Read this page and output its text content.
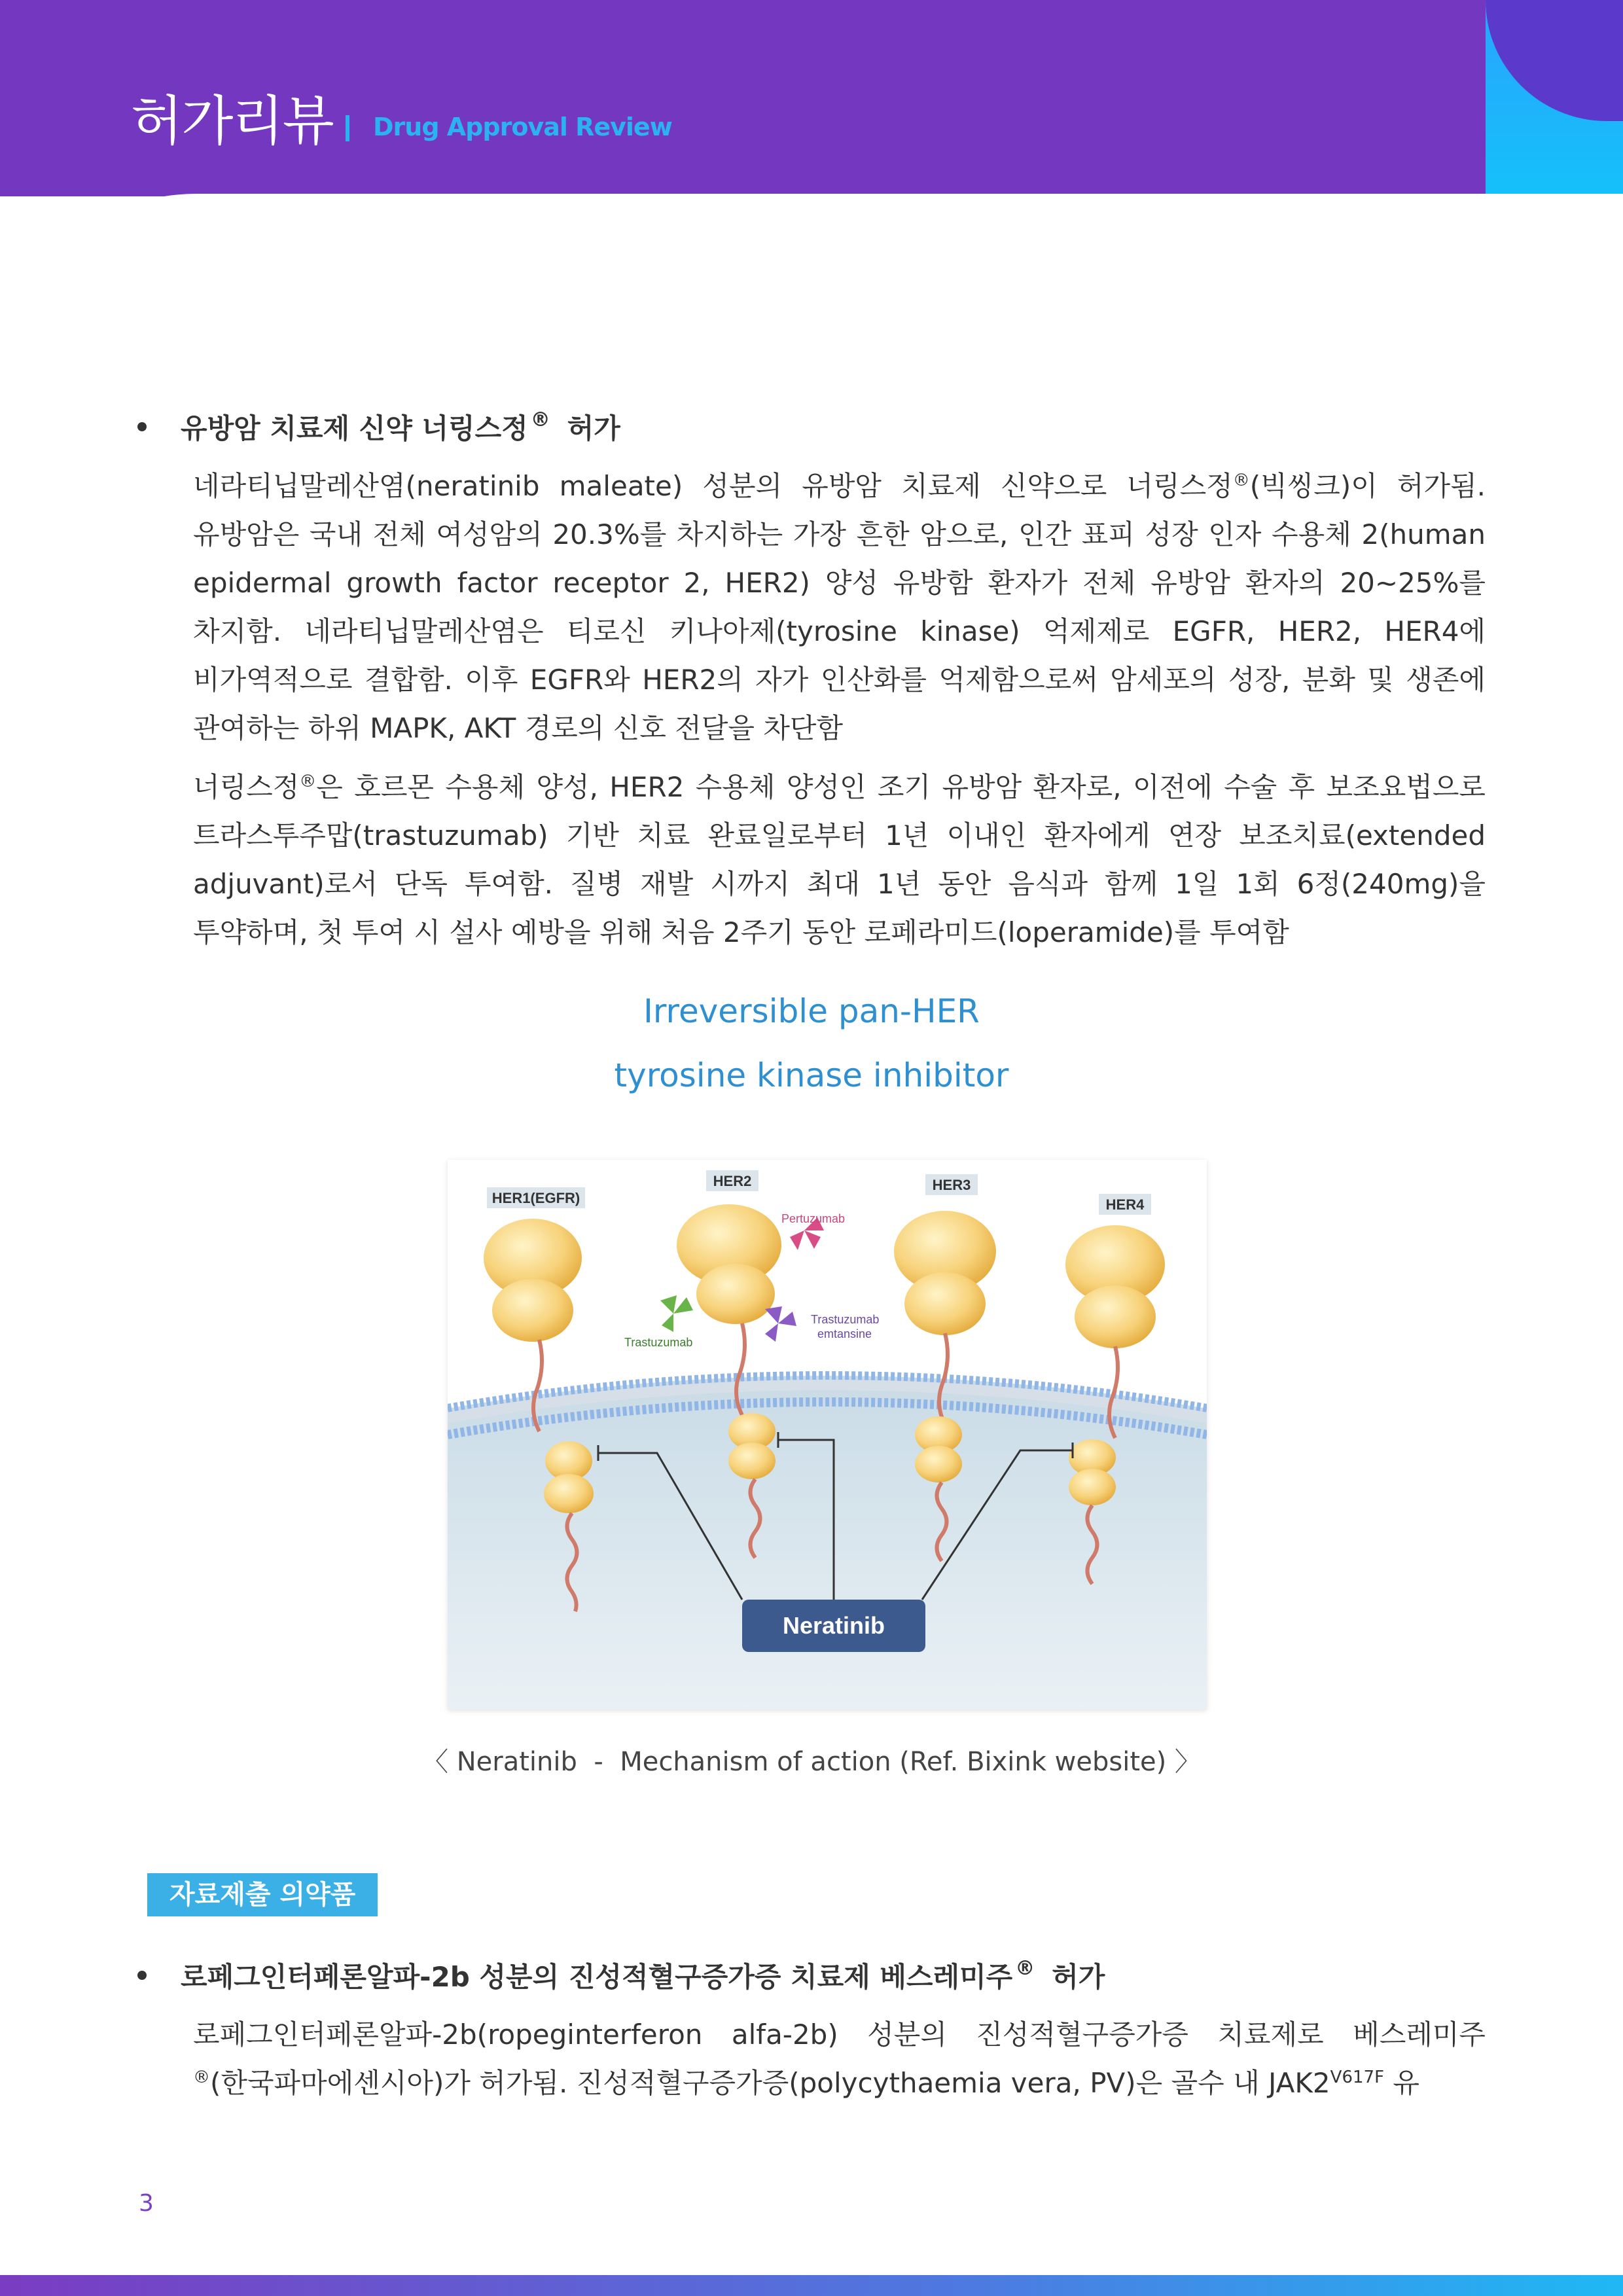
허가리뷰 Drug Approval Review
유방암 치료제 신약 너링스정 ® 허가
네라티닙말레산염(neratinib maleate) 성분의 유방암 치료제 신약으로 너링스정®(빅씽크)이 허가됨. 유방암은 국내 전체 여성암의 20.3%를 차지하는 가장 흔한 암으로, 인간 표피 성장 인자 수용체 2(human epidermal growth factor receptor 2, HER2) 양성 유방함 환자가 전체 유방암 환자의 20~25%를 차지함. 네라티닙말레산염은 티로신 키나아제(tyrosine kinase) 억제제로 EGFR, HER2, HER4에 비가역적으로 결합함. 이후 EGFR와 HER2의 자가 인산화를 억제함으로써 암세포의 성장, 분화 및 생존에 관여하는 하위 MAPK, AKT 경로의 신호 전달을 차단함
너링스정®은 호르몬 수용체 양성, HER2 수용체 양성인 조기 유방암 환자로, 이전에 수술 후 보조요법으로 트라스투주맙(trastuzumab) 기반 치료 완료일로부터 1년 이내인 환자에게 연장 보조치료(extended adjuvant)로서 단독 투여함. 질병 재발 시까지 최대 1년 동안 음식과 함께 1일 1회 6정(240mg)을 투약하며, 첫 투여 시 설사 예방을 위해 처음 2주기 동안 로페라미드(loperamide)를 투여함
Irreversible pan-HER
tyrosine kinase inhibitor
HER1(EGFR)
HER2
Pertuzumab
Trastuzumab
Trastuzumab
emtansine
HER3
HER4
Neratinib
〈 Neratinib  -  Mechanism of action (Ref. Bixink website) 〉
자료제출 의약품
로페그인터페론알파-2b 성분의 진성적혈구증가증 치료제 베스레미주 ® 허가
로페그인터페론알파-2b(ropeginterferon alfa-2b) 성분의 진성적혈구증가증 치료제로 베스레미주®(한국파마에센시아)가 허가됨. 진성적혈구증가증(polycythaemia vera, PV)은 골수 내 $JAK2^{V617F}$ 유
3
